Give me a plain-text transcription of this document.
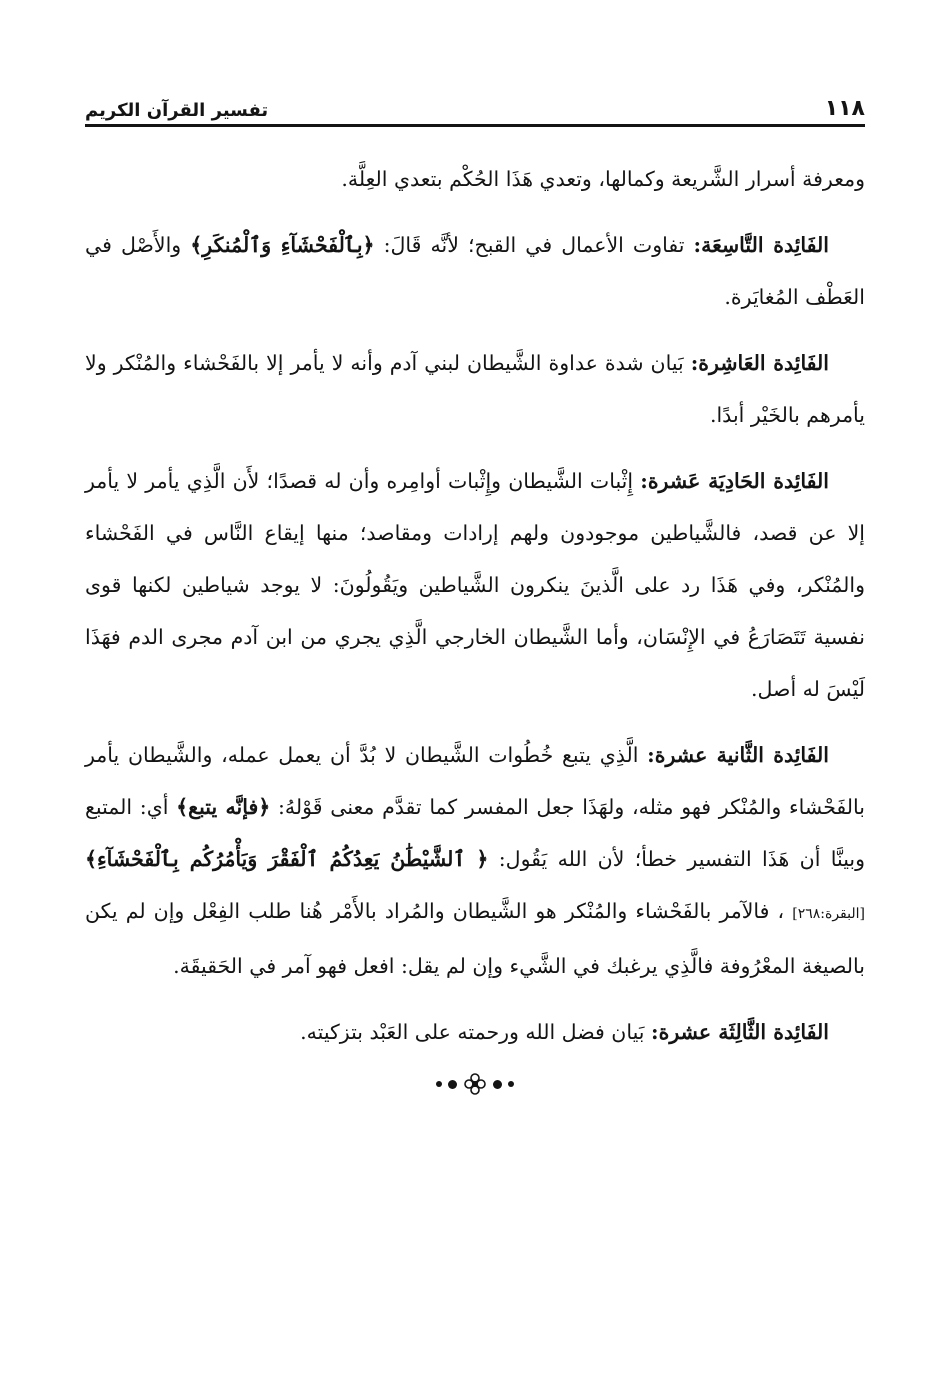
١١٨
تفسير القرآن الكريم

ومعرفة أسرار الشَّريعة وكمالها، وتعدي هَذَا الحُكْم بتعدي العِلَّة.

الفَائِدة التَّاسِعَة: تفاوت الأعمال في القبح؛ لأنَّه قَالَ: ﴿بِٱلْفَحْشَآءِ وَٱلْمُنكَرِ﴾ والأَصْل في العَطْف المُغايَرة.

الفَائِدة العَاشِرة: بَيان شدة عداوة الشَّيطان لبني آدم وأنه لا يأمر إلا بالفَحْشاء والمُنْكر ولا يأمرهم بالخَيْر أبدًا.

الفَائِدة الحَادِيَة عَشرة: إِثْبات الشَّيطان وإِثْبات أوامِره وأن له قصدًا؛ لأَن الَّذِي يأمر لا يأمر إلا عن قصد، فالشَّياطين موجودون ولهم إرادات ومقاصد؛ منها إيقاع النَّاس في الفَحْشاء والمُنْكر، وفي هَذَا رد على الَّذينَ ينكرون الشَّياطين ويَقُولُونَ: لا يوجد شياطين لكنها قوى نفسية تَتَصَارَعُ في الإِنْسَان، وأما الشَّيطان الخارجي الَّذِي يجري من ابن آدم مجرى الدم فهَذَا لَيْسَ له أصل.

الفَائِدة الثَّانية عشرة: الَّذِي يتبع خُطُوات الشَّيطان لا بُدَّ أن يعمل عمله، والشَّيطان يأمر بالفَحْشاء والمُنْكر فهو مثله، ولهَذَا جعل المفسر كما تقدَّم معنى قَوْلهُ: ﴿فإنَّه يتبع﴾ أي: المتبع وبينَّا أن هَذَا التفسير خطأ؛ لأن الله يَقُول: ﴿ ٱلشَّيْطَٰنُ يَعِدُكُمُ ٱلْفَقْرَ وَيَأْمُرُكُم بِٱلْفَحْشَآءِ﴾ [البقرة:٢٦٨] ، فالآمر بالفَحْشاء والمُنْكر هو الشَّيطان والمُراد بالأَمْر هُنا طلب الفِعْل وإن لم يكن بالصيغة المعْرُوفة فالَّذِي يرغبك في الشَّيء وإن لم يقل: افعل فهو آمر في الحَقيقَة.

الفَائِدة الثَّالِثَة عشرة: بَيان فضل الله ورحمته على العَبْد بتزكيته.
